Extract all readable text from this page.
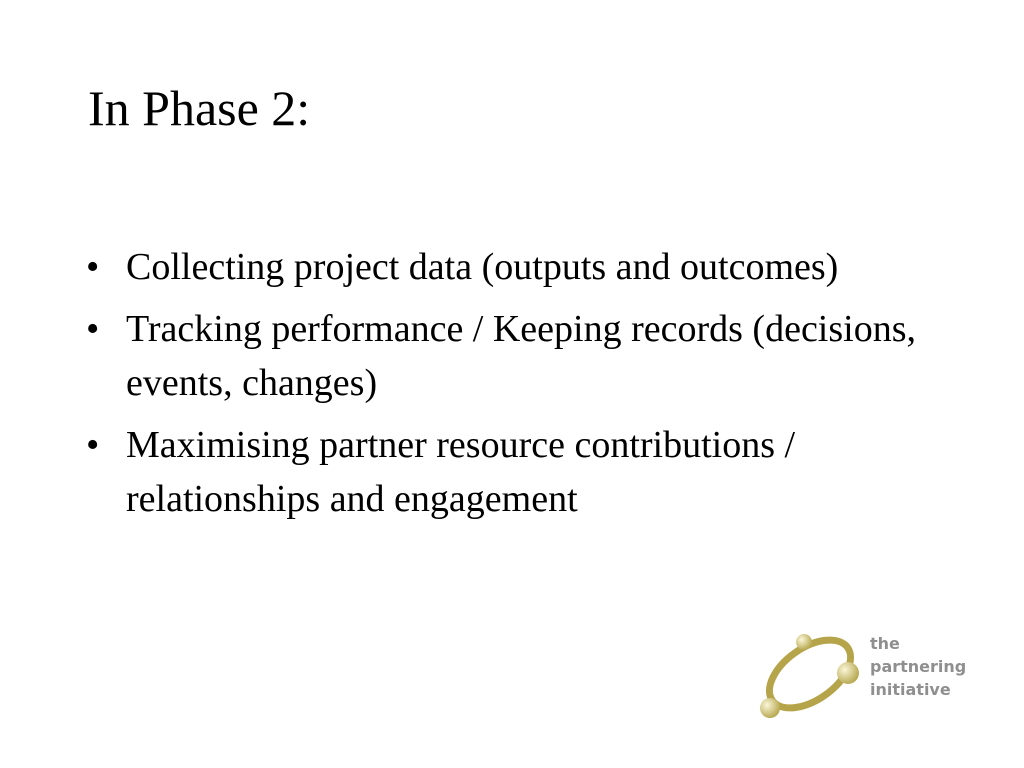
In Phase 2:
• Collecting project data (outputs and outcomes)
• Tracking performance / Keeping records (decisions, events, changes)
• Maximising partner resource contributions / relationships and engagement
the
partnering
initiative
